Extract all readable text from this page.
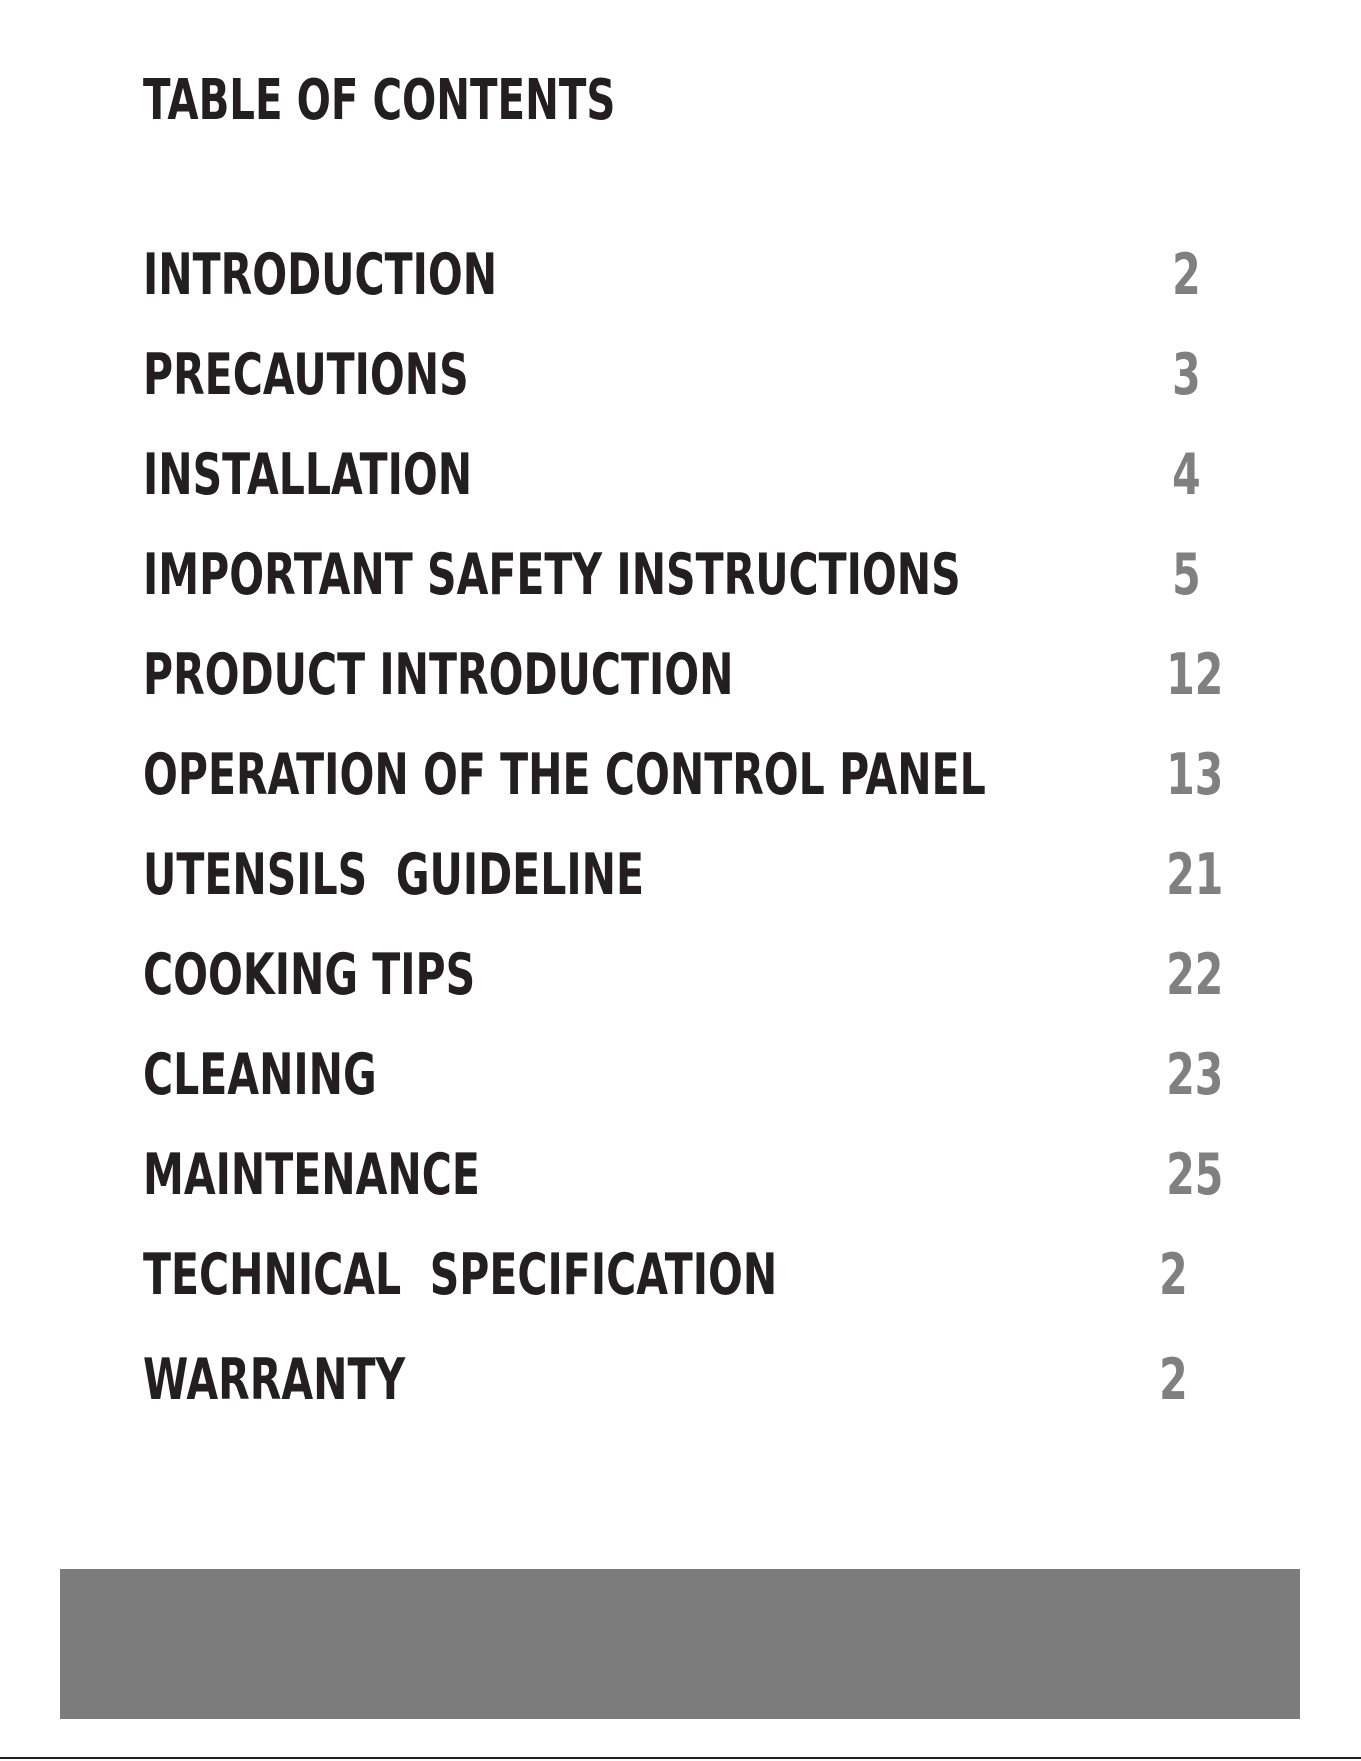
TABLE OF CONTENTS
INTRODUCTION	2
PRECAUTIONS	3
INSTALLATION	4
IMPORTANT SAFETY INSTRUCTIONS	5
PRODUCT INTRODUCTION	12
OPERATION OF THE CONTROL PANEL	13
UTENSILS  GUIDELINE	21
COOKING TIPS	22
CLEANING	23
MAINTENANCE	25
TECHNICAL  SPECIFICATION	2
WARRANTY	2
